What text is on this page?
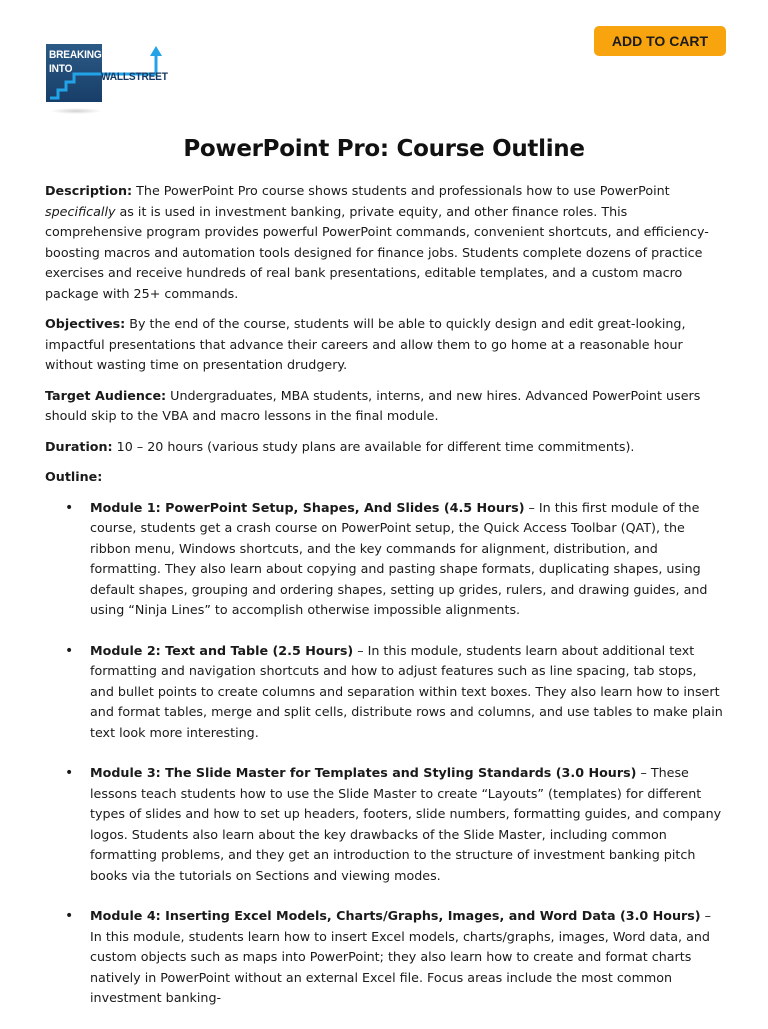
BREAKING
INTO
WALLSTREET
ADD TO CART
PowerPoint Pro: Course Outline

Description: The PowerPoint Pro course shows students and professionals how to use PowerPoint specifically as it is used in investment banking, private equity, and other finance roles. This comprehensive program provides powerful PowerPoint commands, convenient shortcuts, and efficiency-boosting macros and automation tools designed for finance jobs. Students complete dozens of practice exercises and receive hundreds of real bank presentations, editable templates, and a custom macro package with 25+ commands.

Objectives: By the end of the course, students will be able to quickly design and edit great-looking, impactful presentations that advance their careers and allow them to go home at a reasonable hour without wasting time on presentation drudgery.

Target Audience: Undergraduates, MBA students, interns, and new hires. Advanced PowerPoint users should skip to the VBA and macro lessons in the final module.

Duration: 10 – 20 hours (various study plans are available for different time commitments).

Outline:

• Module 1: PowerPoint Setup, Shapes, And Slides (4.5 Hours) – In this first module of the course, students get a crash course on PowerPoint setup, the Quick Access Toolbar (QAT), the ribbon menu, Windows shortcuts, and the key commands for alignment, distribution, and formatting. They also learn about copying and pasting shape formats, duplicating shapes, using default shapes, grouping and ordering shapes, setting up grides, rulers, and drawing guides, and using “Ninja Lines” to accomplish otherwise impossible alignments.
• Module 2: Text and Table (2.5 Hours) – In this module, students learn about additional text formatting and navigation shortcuts and how to adjust features such as line spacing, tab stops, and bullet points to create columns and separation within text boxes. They also learn how to insert and format tables, merge and split cells, distribute rows and columns, and use tables to make plain text look more interesting.
• Module 3: The Slide Master for Templates and Styling Standards (3.0 Hours) – These lessons teach students how to use the Slide Master to create “Layouts” (templates) for different types of slides and how to set up headers, footers, slide numbers, formatting guides, and company logos. Students also learn about the key drawbacks of the Slide Master, including common formatting problems, and they get an introduction to the structure of investment banking pitch books via the tutorials on Sections and viewing modes.
• Module 4: Inserting Excel Models, Charts/Graphs, Images, and Word Data (3.0 Hours) – In this module, students learn how to insert Excel models, charts/graphs, images, Word data, and custom objects such as maps into PowerPoint; they also learn how to create and format charts natively in PowerPoint without an external Excel file. Focus areas include the most common investment banking-
